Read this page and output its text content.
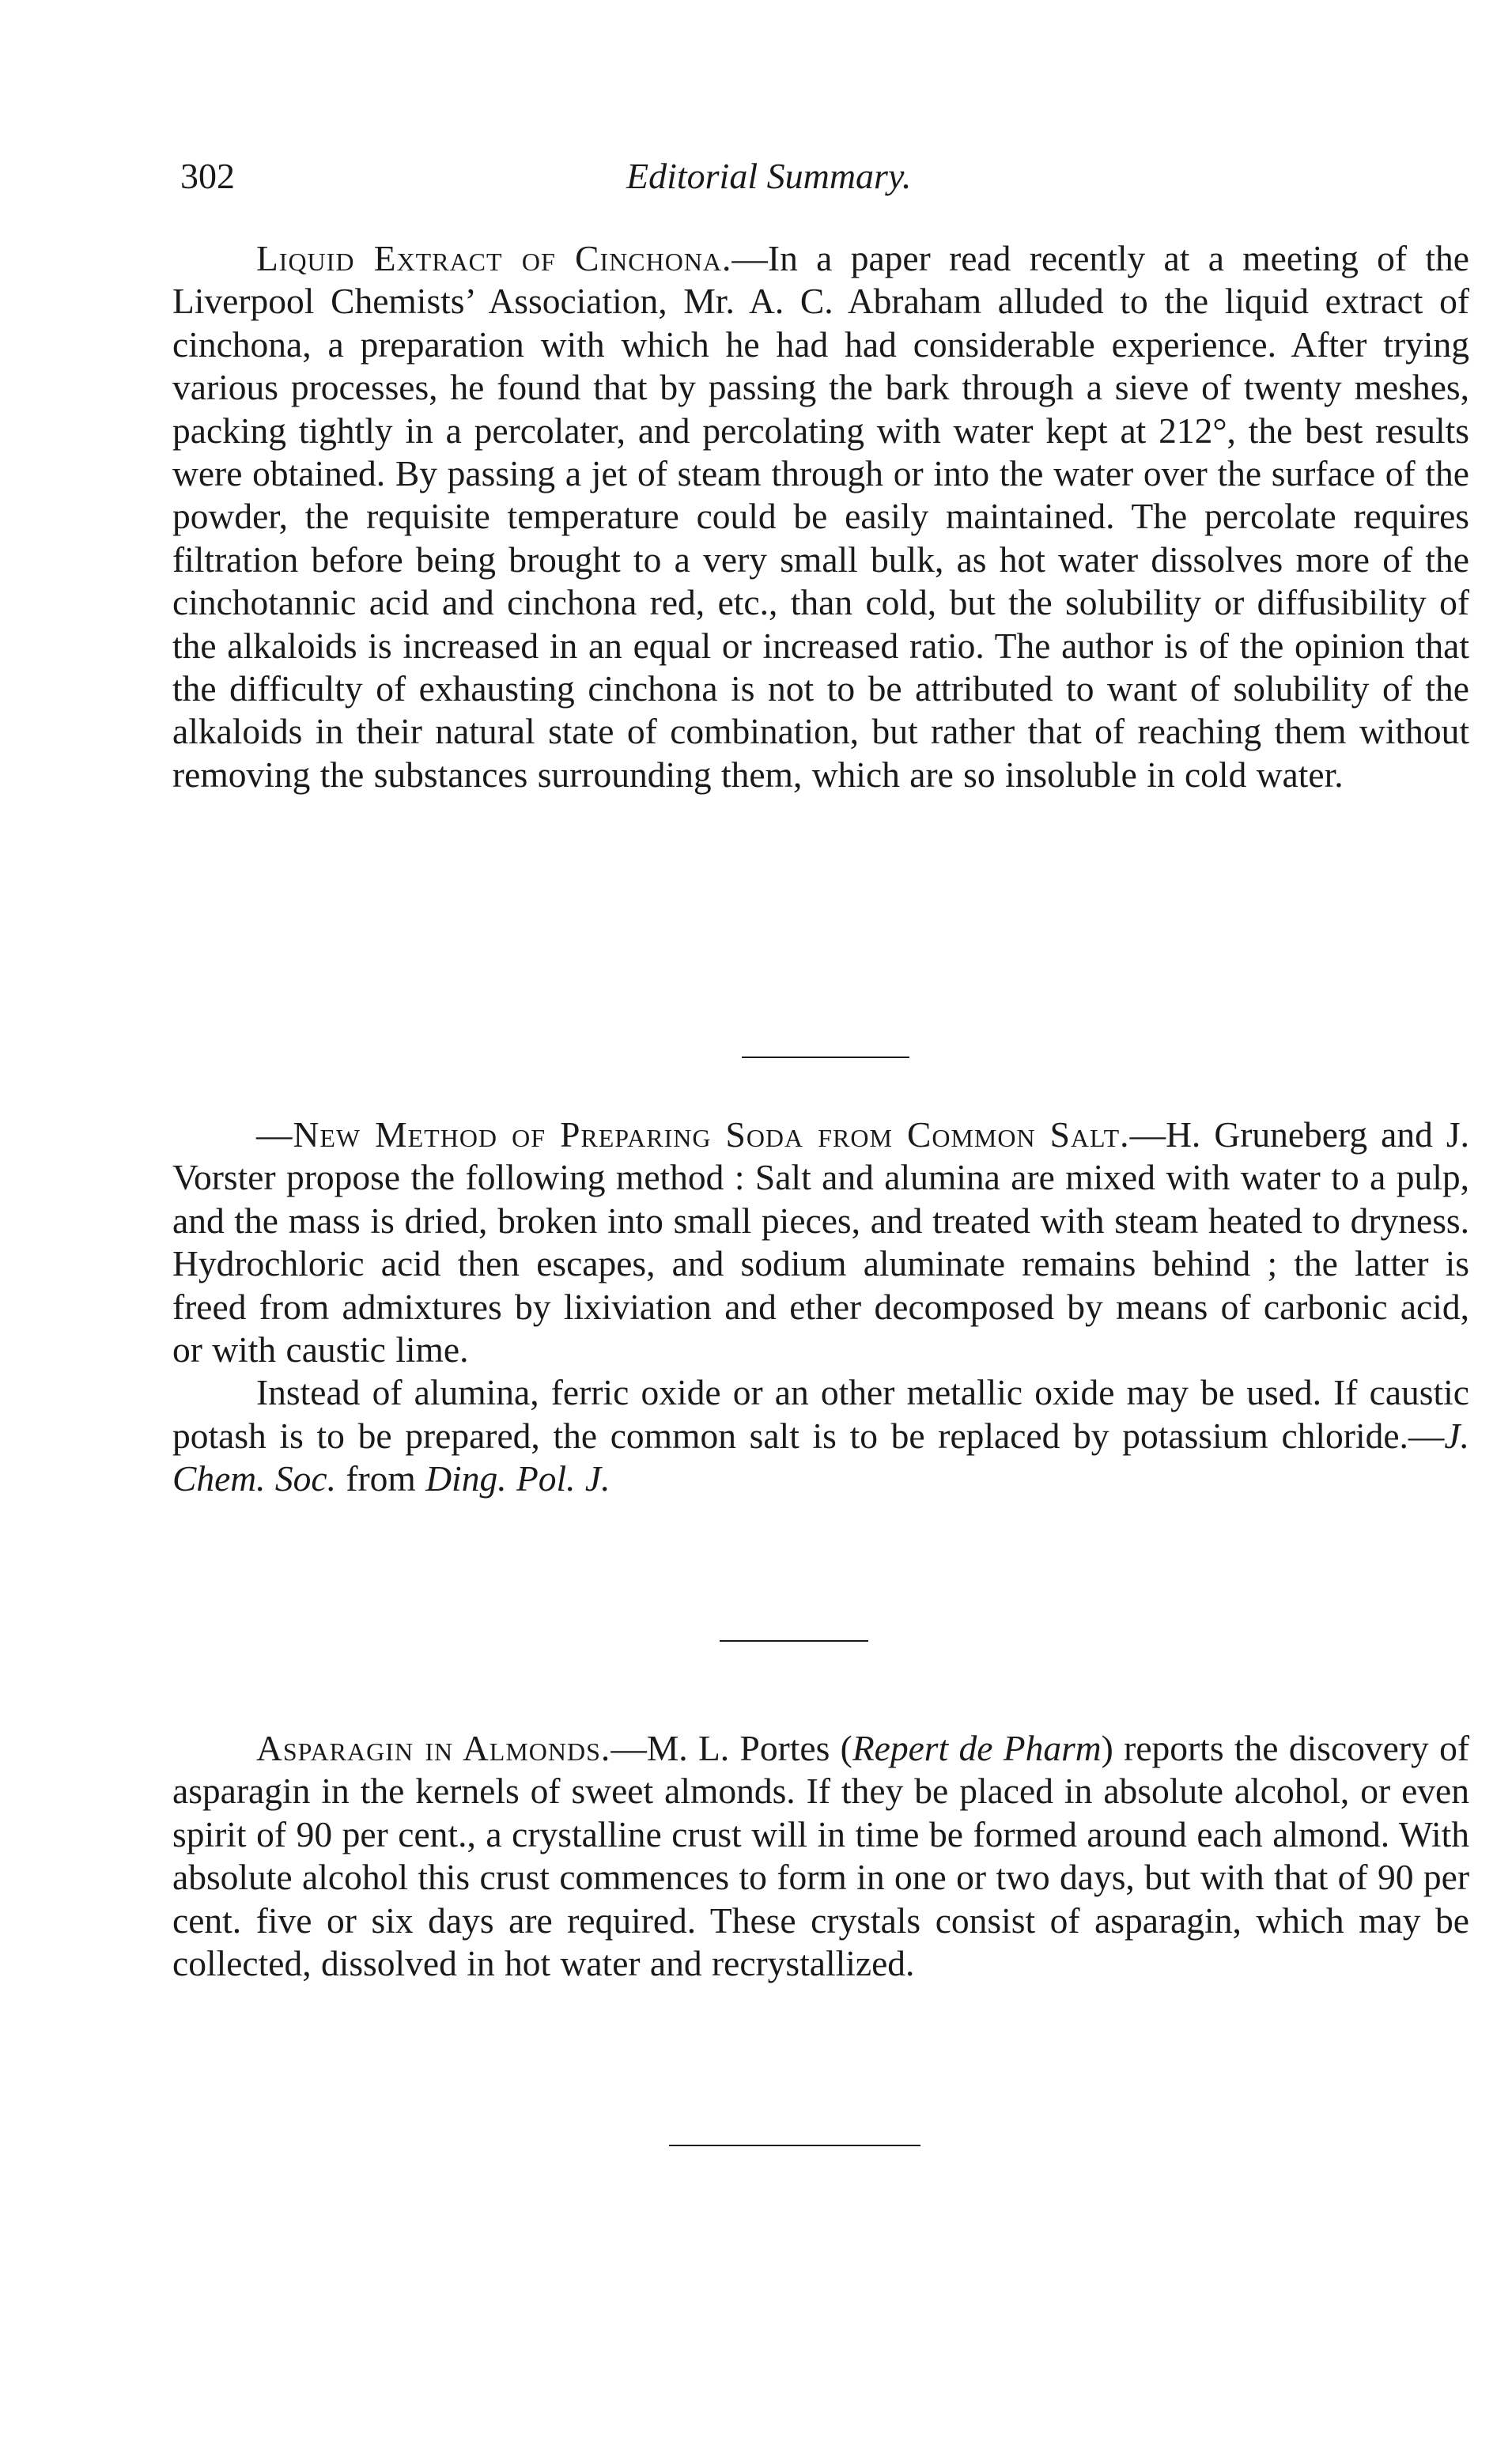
302	Editorial Summary.

Liquid Extract of Cinchona.—In a paper read recently at a meeting of the Liverpool Chemists’ Association, Mr. A. C. Abraham alluded to the liquid extract of cinchona, a preparation with which he had had considerable experience. After trying various processes, he found that by passing the bark through a sieve of twenty meshes, packing tightly in a percolater, and percolating with water kept at 212°, the best results were obtained. By passing a jet of steam through or into the water over the surface of the powder, the requisite temperature could be easily maintained. The percolate requires filtration before being brought to a very small bulk, as hot water dissolves more of the cinchotannic acid and cinchona red, etc., than cold, but the solubility or diffusibility of the alkaloids is increased in an equal or increased ratio. The author is of the opinion that the difficulty of exhausting cinchona is not to be attributed to want of solubility of the alkaloids in their natural state of combination, but rather that of reaching them without removing the substances surrounding them, which are so insoluble in cold water.

—New Method of Preparing Soda from Common Salt.—H. Gruneberg and J. Vorster propose the following method : Salt and alumina are mixed with water to a pulp, and the mass is dried, broken into small pieces, and treated with steam heated to dryness. Hydrochloric acid then escapes, and sodium aluminate remains behind ; the latter is freed from admixtures by lixiviation and ether decomposed by means of carbonic acid, or with caustic lime.

Instead of alumina, ferric oxide or an other metallic oxide may be used. If caustic potash is to be prepared, the common salt is to be replaced by potassium chloride.—J. Chem. Soc. from Ding. Pol. J.

Asparagin in Almonds.—M. L. Portes (Repert de Pharm) reports the discovery of asparagin in the kernels of sweet almonds. If they be placed in absolute alcohol, or even spirit of 90 per cent., a crystalline crust will in time be formed around each almond. With absolute alcohol this crust commences to form in one or two days, but with that of 90 per cent. five or six days are required. These crystals consist of asparagin, which may be collected, dissolved in hot water and recrystallized.
